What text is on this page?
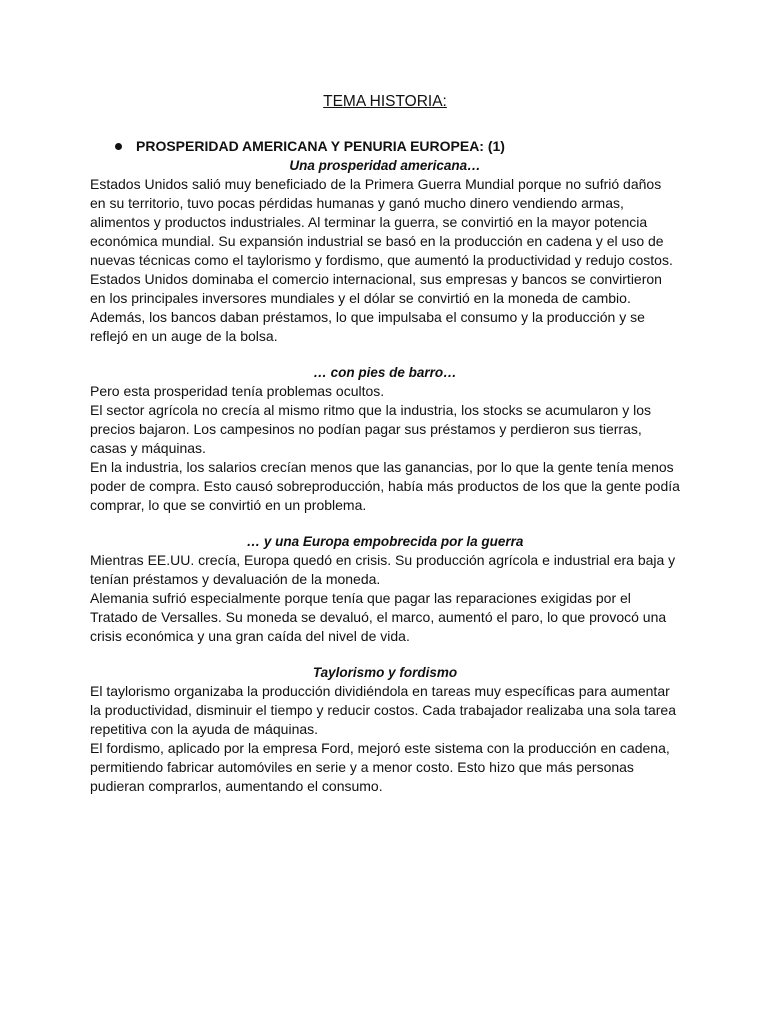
TEMA HISTORIA:
PROSPERIDAD AMERICANA Y PENURIA EUROPEA: (1)

Una prosperidad americana…

Estados Unidos salió muy beneficiado de la Primera Guerra Mundial porque no sufrió daños en su territorio, tuvo pocas pérdidas humanas y ganó mucho dinero vendiendo armas, alimentos y productos industriales. Al terminar la guerra, se convirtió en la mayor potencia económica mundial. Su expansión industrial se basó en la producción en cadena y el uso de nuevas técnicas como el taylorismo y fordismo, que aumentó la productividad y redujo costos.

Estados Unidos dominaba el comercio internacional, sus empresas y bancos se convirtieron en los principales inversores mundiales y el dólar se convirtió en la moneda de cambio. Además, los bancos daban préstamos, lo que impulsaba el consumo y la producción y se reflejó en un auge de la bolsa.

… con pies de barro…

Pero esta prosperidad tenía problemas ocultos.

El sector agrícola no crecía al mismo ritmo que la industria, los stocks se acumularon y los precios bajaron. Los campesinos no podían pagar sus préstamos y perdieron sus tierras, casas y máquinas.

En la industria, los salarios crecían menos que las ganancias, por lo que la gente tenía menos poder de compra. Esto causó sobreproducción, había más productos de los que la gente podía comprar, lo que se convirtió en un problema.

… y una Europa empobrecida por la guerra

Mientras EE.UU. crecía, Europa quedó en crisis. Su producción agrícola e industrial era baja y tenían préstamos y devaluación de la moneda.

Alemania sufrió especialmente porque tenía que pagar las reparaciones exigidas por el Tratado de Versalles. Su moneda se devaluó, el marco, aumentó el paro, lo que provocó una crisis económica y una gran caída del nivel de vida.

Taylorismo y fordismo

El taylorismo organizaba la producción dividiéndola en tareas muy específicas para aumentar la productividad, disminuir el tiempo y reducir costos. Cada trabajador realizaba una sola tarea repetitiva con la ayuda de máquinas.

El fordismo, aplicado por la empresa Ford, mejoró este sistema con la producción en cadena, permitiendo fabricar automóviles en serie y a menor costo. Esto hizo que más personas pudieran comprarlos, aumentando el consumo.
